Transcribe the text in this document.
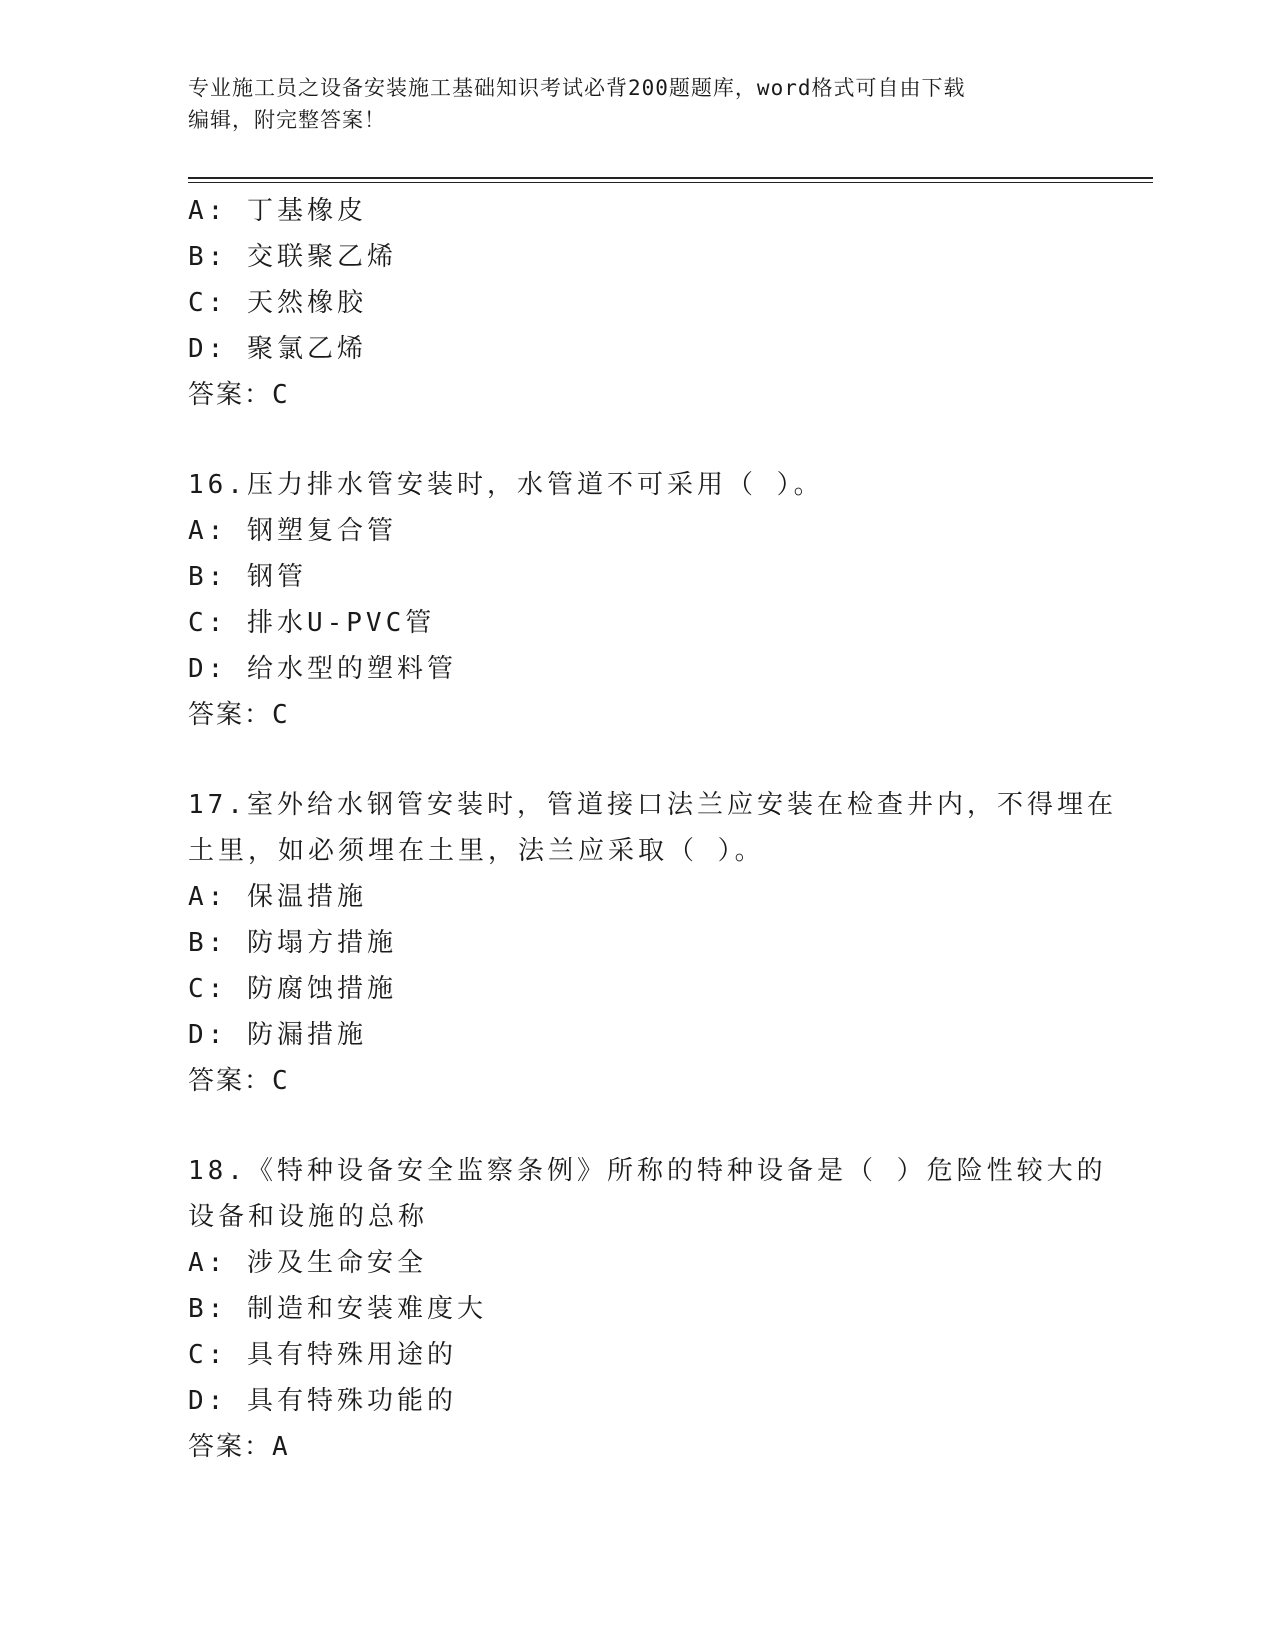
专业施工员之设备安装施工基础知识考试必背200题题库，word格式可自由下载
编辑，附完整答案！
A: 丁基橡皮
B: 交联聚乙烯
C: 天然橡胶
D: 聚氯乙烯
答案：C
16.压力排水管安装时，水管道不可采用（ ）。
A: 钢塑复合管
B: 钢管
C: 排水U-PVC管
D: 给水型的塑料管
答案：C
17.室外给水钢管安装时，管道接口法兰应安装在检查井内，不得埋在
土里，如必须埋在土里，法兰应采取（ ）。
A: 保温措施
B: 防塌方措施
C: 防腐蚀措施
D: 防漏措施
答案：C
18.《特种设备安全监察条例》所称的特种设备是（ ）危险性较大的
设备和设施的总称
A: 涉及生命安全
B: 制造和安装难度大
C: 具有特殊用途的
D: 具有特殊功能的
答案：A
